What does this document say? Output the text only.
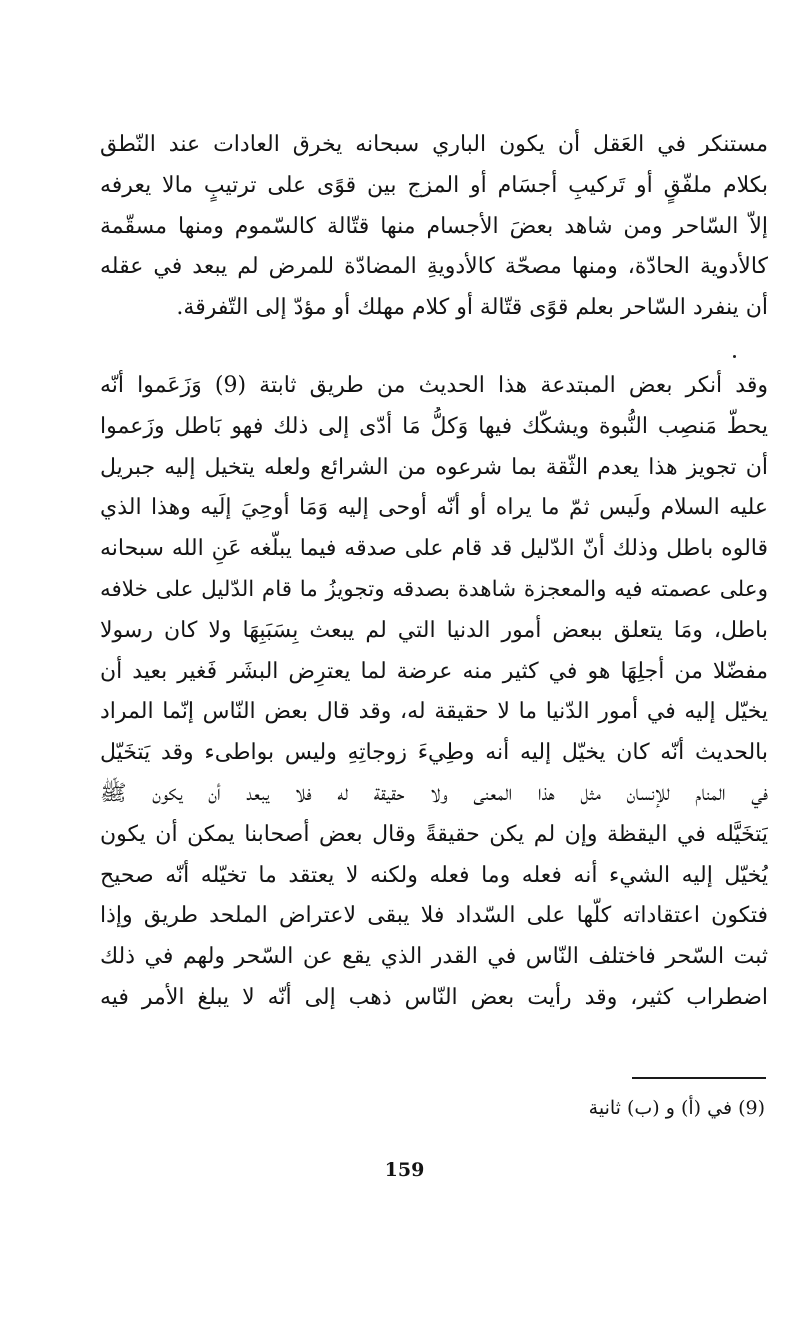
مستنكر في العَقل أن يكون الباري سبحانه يخرق العادات عند النّطق
بكلام ملفّقٍ أو تَركيبِ أجسَام أو المزج بين قوًى على ترتيبٍ مالا يعرفه
إلاّ السّاحر ومن شاهد بعضَ الأجسام منها قتّالة كالسّموم ومنها مسقّمة
كالأدوية الحادّة، ومنها مصحّة كالأدويةِ المضادّة للمرض لم يبعد في عقله
أن ينفرد السّاحر بعلم قوًى قتّالة أو كلام مهلك أو مؤدّ إلى التّفرقة.
وقد أنكر بعض المبتدعة هذا الحديث من طريق ثابتة (9) وَزَعَموا أنّه
يحطّ مَنصِب النُّبوة ويشكّك فيها وَكلُّ مَا أدّى إلى ذلك فهو بَاطل وزَعموا
أن تجويز هذا يعدم الثّقة بما شرعوه من الشرائع ولعله يتخيل إليه جبريل
عليه السلام ولَيس ثمّ ما يراه أو أنّه أوحى إليه وَمَا أوحِيَ إلَيه وهذا الذي
قالوه باطل وذلك أنّ الدّليل قد قام على صدقه فيما يبلّغه عَنِ الله سبحانه
وعلى عصمته فيه والمعجزة شاهدة بصدقه وتجويزُ ما قام الدّليل على خلافه
باطل، ومَا يتعلق ببعض أمور الدنيا التي لم يبعث بِسَبَبِهَا ولا كان رسولا
مفضّلا من أجلِهَا هو في كثير منه عرضة لما يعترِض البشَر فَغير بعيد أن
يخيّل إليه في أمور الدّنيا ما لا حقيقة له، وقد قال بعض النّاس إنّما المراد
بالحديث أنّه كان يخيّل إليه أنه وطِيءَ زوجاتِهِ وليس بواطىء وقد يَتخَيّل
في المنام للإنسان مثل هذا المعنى ولا حقيقة له فلا يبعد أن يكون ﷺ
يَتخَيَّله في اليقظة وإن لم يكن حقيقةً وقال بعض أصحابنا يمكن أن يكون
يُخيّل إليه الشيء أنه فعله وما فعله ولكنه لا يعتقد ما تخيّله أنّه صحيح
فتكون اعتقاداته كلّها على السّداد فلا يبقى لاعتراض الملحد طريق وإذا
ثبت السّحر فاختلف النّاس في القدر الذي يقع عن السّحر ولهم في ذلك
اضطراب كثير، وقد رأيت بعض النّاس ذهب إلى أنّه لا يبلغ الأمر فيه
(9) في (أ) و (ب) ثانية
159
